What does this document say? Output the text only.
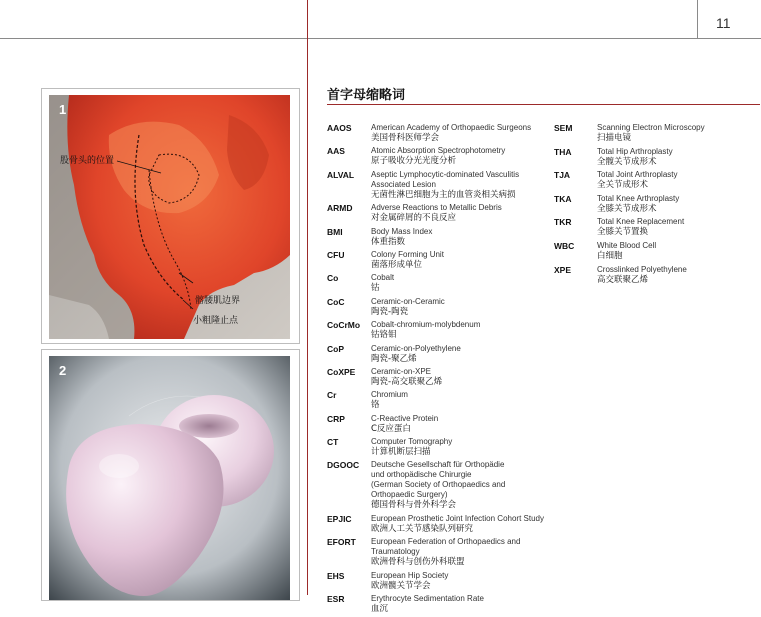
11
1
股骨头的位置
髂腰肌边界
小粗隆止点
2
首字母缩略词
AAOS	American Academy of Orthopaedic Surgeons
美国骨科医师学会
AAS	Atomic Absorption Spectrophotometry
原子吸收分光光度分析
ALVAL	Aseptic Lymphocytic-dominated Vasculitis
Associated Lesion
无菌性淋巴细胞为主的血管炎相关病损
ARMD	Adverse Reactions to Metallic Debris
对金属碎屑的不良反应
BMI	Body Mass Index
体重指数
CFU	Colony Forming Unit
菌落形成单位
Co	Cobalt
钴
CoC	Ceramic-on-Ceramic
陶瓷-陶瓷
CoCrMo	Cobalt-chromium-molybdenum
钴铬钼
CoP	Ceramic-on-Polyethylene
陶瓷-聚乙烯
CoXPE	Ceramic-on-XPE
陶瓷-高交联聚乙烯
Cr	Chromium
铬
CRP	C-Reactive Protein
C反应蛋白
CT	Computer Tomography
计算机断层扫描
DGOOC	Deutsche Gesellschaft für Orthopädie
und orthopädische Chirurgie
(German Society of Orthopaedics and
Orthopaedic Surgery)
德国骨科与骨外科学会
EPJIC	European Prosthetic Joint Infection Cohort Study
欧洲人工关节感染队列研究
EFORT	European Federation of Orthopaedics and
Traumatology
欧洲骨科与创伤外科联盟
EHS	European Hip Society
欧洲髋关节学会
ESR	Erythrocyte Sedimentation Rate
血沉
SEM	Scanning Electron Microscopy
扫描电镜
THA	Total Hip Arthroplasty
全髋关节成形术
TJA	Total Joint Arthroplasty
全关节成形术
TKA	Total Knee Arthroplasty
全膝关节成形术
TKR	Total Knee Replacement
全膝关节置换
WBC	White Blood Cell
白细胞
XPE	Crosslinked Polyethylene
高交联聚乙烯
